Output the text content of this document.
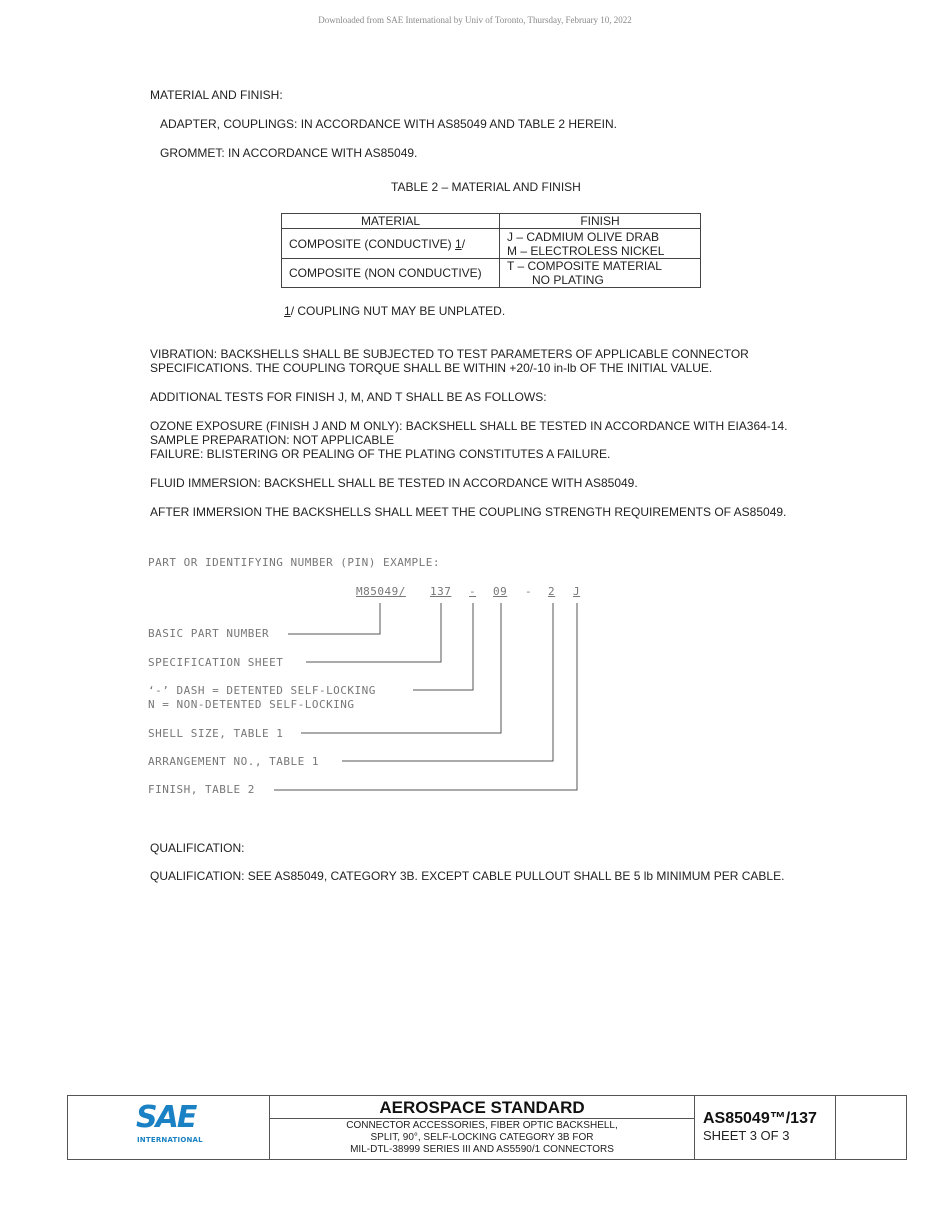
Downloaded from SAE International by Univ of Toronto, Thursday, February 10, 2022
MATERIAL AND FINISH:
ADAPTER, COUPLINGS: IN ACCORDANCE WITH AS85049 AND TABLE 2 HEREIN.
GROMMET: IN ACCORDANCE WITH AS85049.
TABLE 2 – MATERIAL AND FINISH
MATERIAL	FINISH
COMPOSITE (CONDUCTIVE) 1/	J – CADMIUM OLIVE DRAB
M – ELECTROLESS NICKEL

COMPOSITE (NON CONDUCTIVE)	T – COMPOSITE MATERIAL
NO PLATING
1/ COUPLING NUT MAY BE UNPLATED.
VIBRATION: BACKSHELLS SHALL BE SUBJECTED TO TEST PARAMETERS OF APPLICABLE CONNECTOR
SPECIFICATIONS. THE COUPLING TORQUE SHALL BE WITHIN +20/-10 in-lb OF THE INITIAL VALUE.
ADDITIONAL TESTS FOR FINISH J, M, AND T SHALL BE AS FOLLOWS:
OZONE EXPOSURE (FINISH J AND M ONLY): BACKSHELL SHALL BE TESTED IN ACCORDANCE WITH EIA364-14.
SAMPLE PREPARATION: NOT APPLICABLE
FAILURE: BLISTERING OR PEALING OF THE PLATING CONSTITUTES A FAILURE.
FLUID IMMERSION: BACKSHELL SHALL BE TESTED IN ACCORDANCE WITH AS85049.
AFTER IMMERSION THE BACKSHELLS SHALL MEET THE COUPLING STRENGTH REQUIREMENTS OF AS85049.
PART OR IDENTIFYING NUMBER (PIN) EXAMPLE:
M85049/ 137 - 09 - 2 J
BASIC PART NUMBER
SPECIFICATION SHEET
‘-’ DASH = DETENTED SELF-LOCKING
N = NON-DETENTED SELF-LOCKING
SHELL SIZE, TABLE 1
ARRANGEMENT NO., TABLE 1
FINISH, TABLE 2
QUALIFICATION:
QUALIFICATION: SEE AS85049, CATEGORY 3B. EXCEPT CABLE PULLOUT SHALL BE 5 lb MINIMUM PER CABLE.
SAE
INTERNATIONAL
AEROSPACE STANDARD
CONNECTOR ACCESSORIES, FIBER OPTIC BACKSHELL,
SPLIT, 90°, SELF-LOCKING CATEGORY 3B FOR
MIL-DTL-38999 SERIES III AND AS5590/1 CONNECTORS
AS85049™/137
SHEET 3 OF 3
